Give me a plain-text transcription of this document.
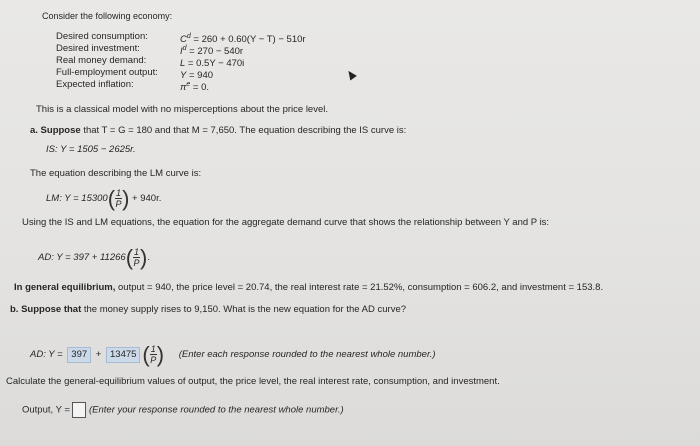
Consider the following economy:
Desired consumption:
Desired investment:
Real money demand:
Full-employment output:
Expected inflation:
$C^d = 260 + 0.60(Y - T) - 510r$
$I^d = 270 - 540r$
L = 0.5Y − 470i
Y = 940
$\pi^e = 0$.
This is a classical model with no misperceptions about the price level.
a. Suppose that T = G = 180 and that M = 7,650. The equation describing the IS curve is:
IS: Y = 1505 − 2625r.
The equation describing the LM curve is:
LM: Y = 15300 ( $\frac{1}{P}$ ) + 940r.
Using the IS and LM equations, the equation for the aggregate demand curve that shows the relationship between Y and P is:
AD: Y = 397 + 11266 ( $\frac{1}{P}$ ) .
In general equilibrium, output = 940, the price level = 20.74, the real interest rate = 21.52%, consumption = 606.2, and investment = 153.8.
b. Suppose that the money supply rises to 9,150. What is the new equation for the AD curve?
AD: Y = 397 + 13475 ( $\frac{1}{P}$ ) (Enter each response rounded to the nearest whole number.)
Calculate the general-equilibrium values of output, the price level, the real interest rate, consumption, and investment.
Output, Y = (Enter your response rounded to the nearest whole number.)
